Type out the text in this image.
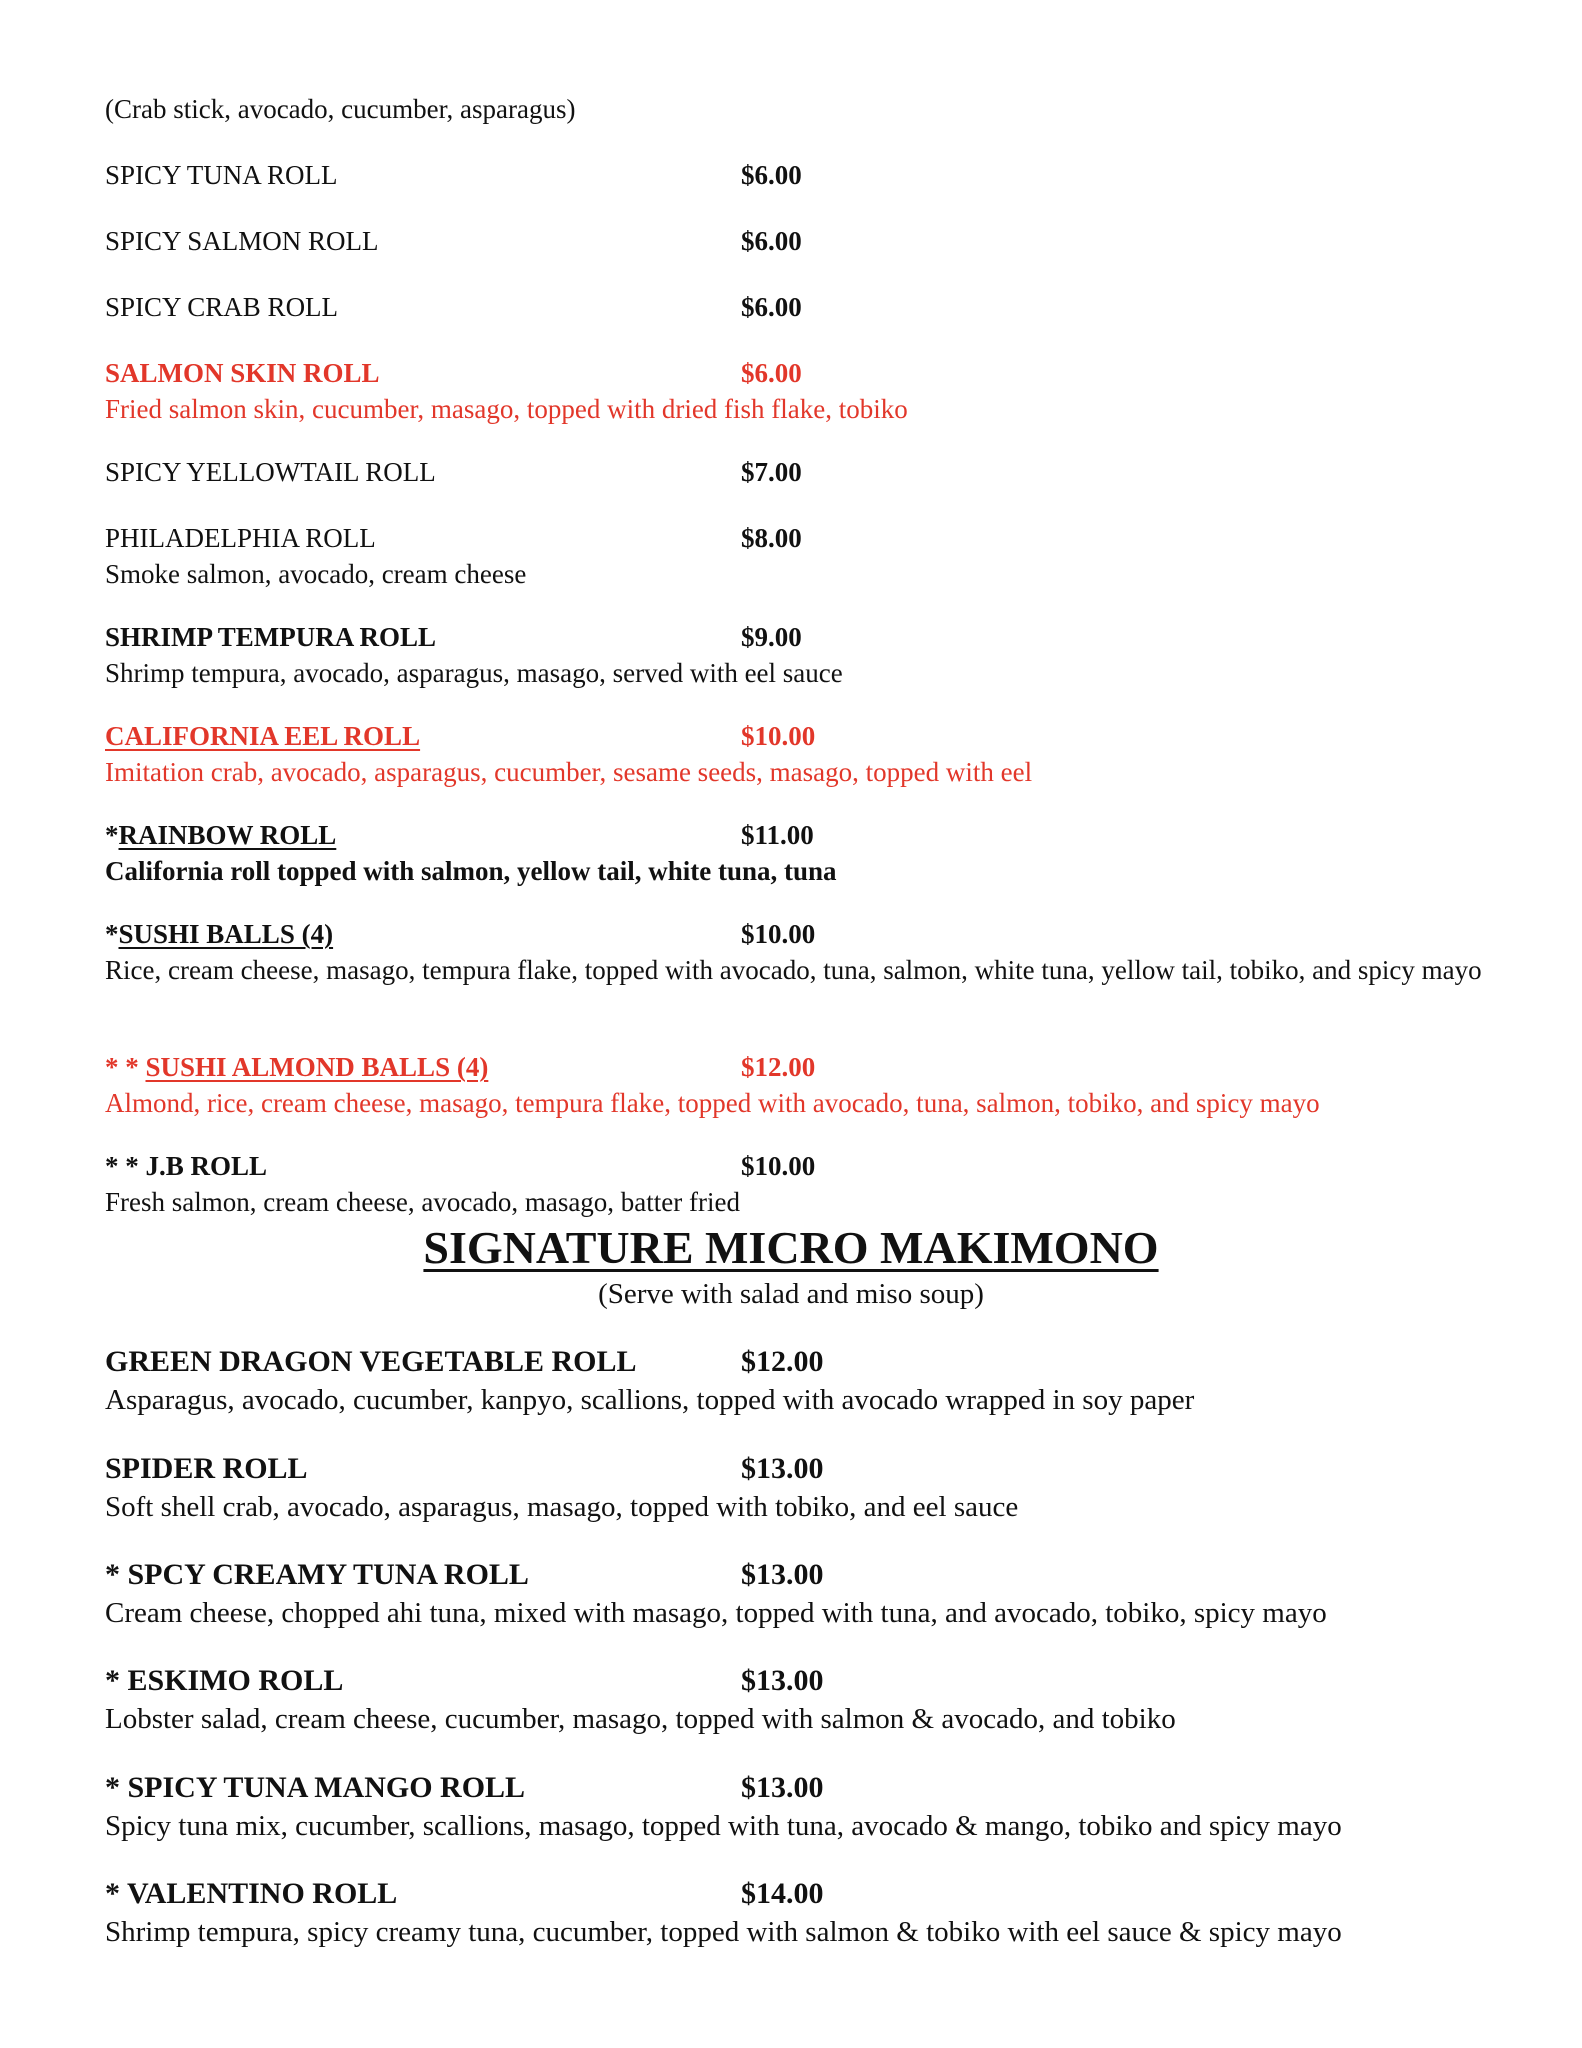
(Crab stick, avocado, cucumber, asparagus)
SPICY TUNA ROLL	$6.00
SPICY SALMON ROLL	$6.00
SPICY CRAB ROLL	$6.00
SALMON SKIN ROLL	$6.00
Fried salmon skin, cucumber, masago, topped with dried fish flake, tobiko
SPICY YELLOWTAIL ROLL	$7.00
PHILADELPHIA ROLL	$8.00
Smoke salmon, avocado, cream cheese
SHRIMP TEMPURA ROLL	$9.00
Shrimp tempura, avocado, asparagus, masago, served with eel sauce
CALIFORNIA EEL ROLL	$10.00
Imitation crab, avocado, asparagus, cucumber, sesame seeds, masago, topped with eel
*RAINBOW ROLL	$11.00
California roll topped with salmon, yellow tail, white tuna, tuna
*SUSHI BALLS (4)	$10.00
Rice, cream cheese, masago, tempura flake, topped with avocado, tuna, salmon, white tuna, yellow tail, tobiko, and spicy mayo
* * SUSHI ALMOND BALLS (4)	$12.00
Almond, rice, cream cheese, masago, tempura flake, topped with avocado, tuna, salmon, tobiko, and spicy mayo
* * J.B ROLL	$10.00
Fresh salmon, cream cheese, avocado, masago, batter fried
SIGNATURE MICRO MAKIMONO
(Serve with salad and miso soup)
GREEN DRAGON VEGETABLE ROLL	$12.00
Asparagus, avocado, cucumber, kanpyo, scallions, topped with avocado wrapped in soy paper
SPIDER ROLL	$13.00
Soft shell crab, avocado, asparagus, masago, topped with tobiko, and eel sauce
* SPCY CREAMY TUNA ROLL	$13.00
Cream cheese, chopped ahi tuna, mixed with masago, topped with tuna, and avocado, tobiko, spicy mayo
* ESKIMO ROLL	$13.00
Lobster salad, cream cheese, cucumber, masago, topped with salmon & avocado, and tobiko
* SPICY TUNA MANGO ROLL	$13.00
Spicy tuna mix, cucumber, scallions, masago, topped with tuna, avocado & mango, tobiko and spicy mayo
* VALENTINO ROLL	$14.00
Shrimp tempura, spicy creamy tuna, cucumber, topped with salmon & tobiko with eel sauce & spicy mayo
